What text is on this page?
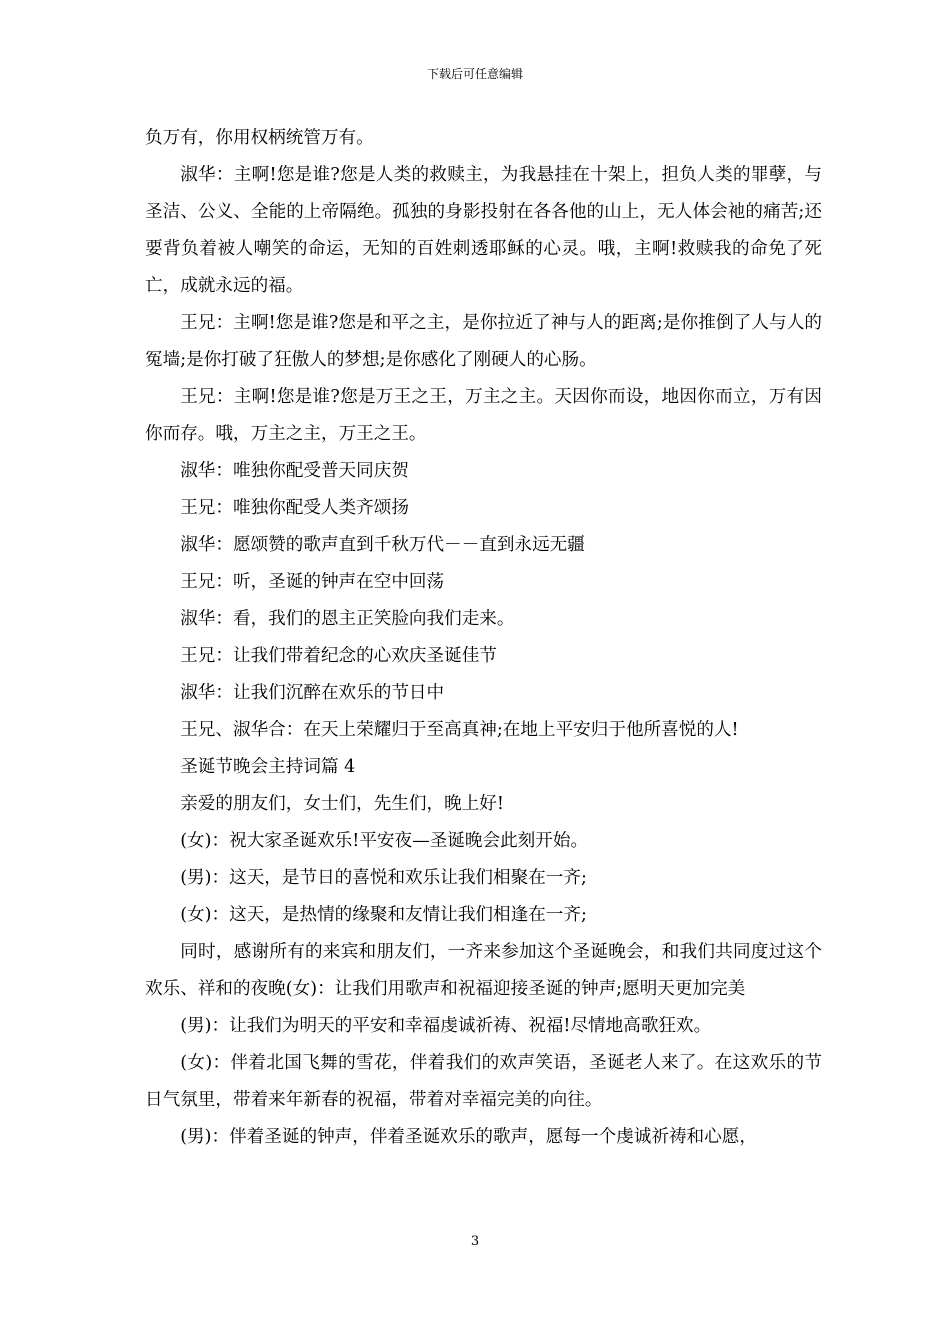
下载后可任意编辑

负万有，你用权柄统管万有。

淑华：主啊!您是谁?您是人类的救赎主，为我悬挂在十架上，担负人类的罪孽，与圣洁、公义、全能的上帝隔绝。孤独的身影投射在各各他的山上，无人体会祂的痛苦;还要背负着被人嘲笑的命运，无知的百姓刺透耶稣的心灵。哦，主啊!救赎我的命免了死亡，成就永远的福。

王兄：主啊!您是谁?您是和平之主，是你拉近了神与人的距离;是你推倒了人与人的冤墙;是你打破了狂傲人的梦想;是你感化了刚硬人的心肠。

王兄：主啊!您是谁?您是万王之王，万主之主。天因你而设，地因你而立，万有因你而存。哦，万主之主，万王之王。

淑华：唯独你配受普天同庆贺

王兄：唯独你配受人类齐颂扬

淑华：愿颂赞的歌声直到千秋万代－－直到永远无疆

王兄：听，圣诞的钟声在空中回荡

淑华：看，我们的恩主正笑脸向我们走来。

王兄：让我们带着纪念的心欢庆圣诞佳节

淑华：让我们沉醉在欢乐的节日中

王兄、淑华合：在天上荣耀归于至高真神;在地上平安归于他所喜悦的人!

圣诞节晚会主持词篇 4

亲爱的朋友们，女士们，先生们，晚上好!

(女)：祝大家圣诞欢乐!平安夜—圣诞晚会此刻开始。

(男)：这天，是节日的喜悦和欢乐让我们相聚在一齐;

(女)：这天，是热情的缘聚和友情让我们相逢在一齐;

同时，感谢所有的来宾和朋友们，一齐来参加这个圣诞晚会，和我们共同度过这个欢乐、祥和的夜晚(女)：让我们用歌声和祝福迎接圣诞的钟声;愿明天更加完美

(男)：让我们为明天的平安和幸福虔诚祈祷、祝福!尽情地高歌狂欢。

(女)：伴着北国飞舞的雪花，伴着我们的欢声笑语，圣诞老人来了。在这欢乐的节日气氛里，带着来年新春的祝福，带着对幸福完美的向往。

(男)：伴着圣诞的钟声，伴着圣诞欢乐的歌声，愿每一个虔诚祈祷和心愿，

3
